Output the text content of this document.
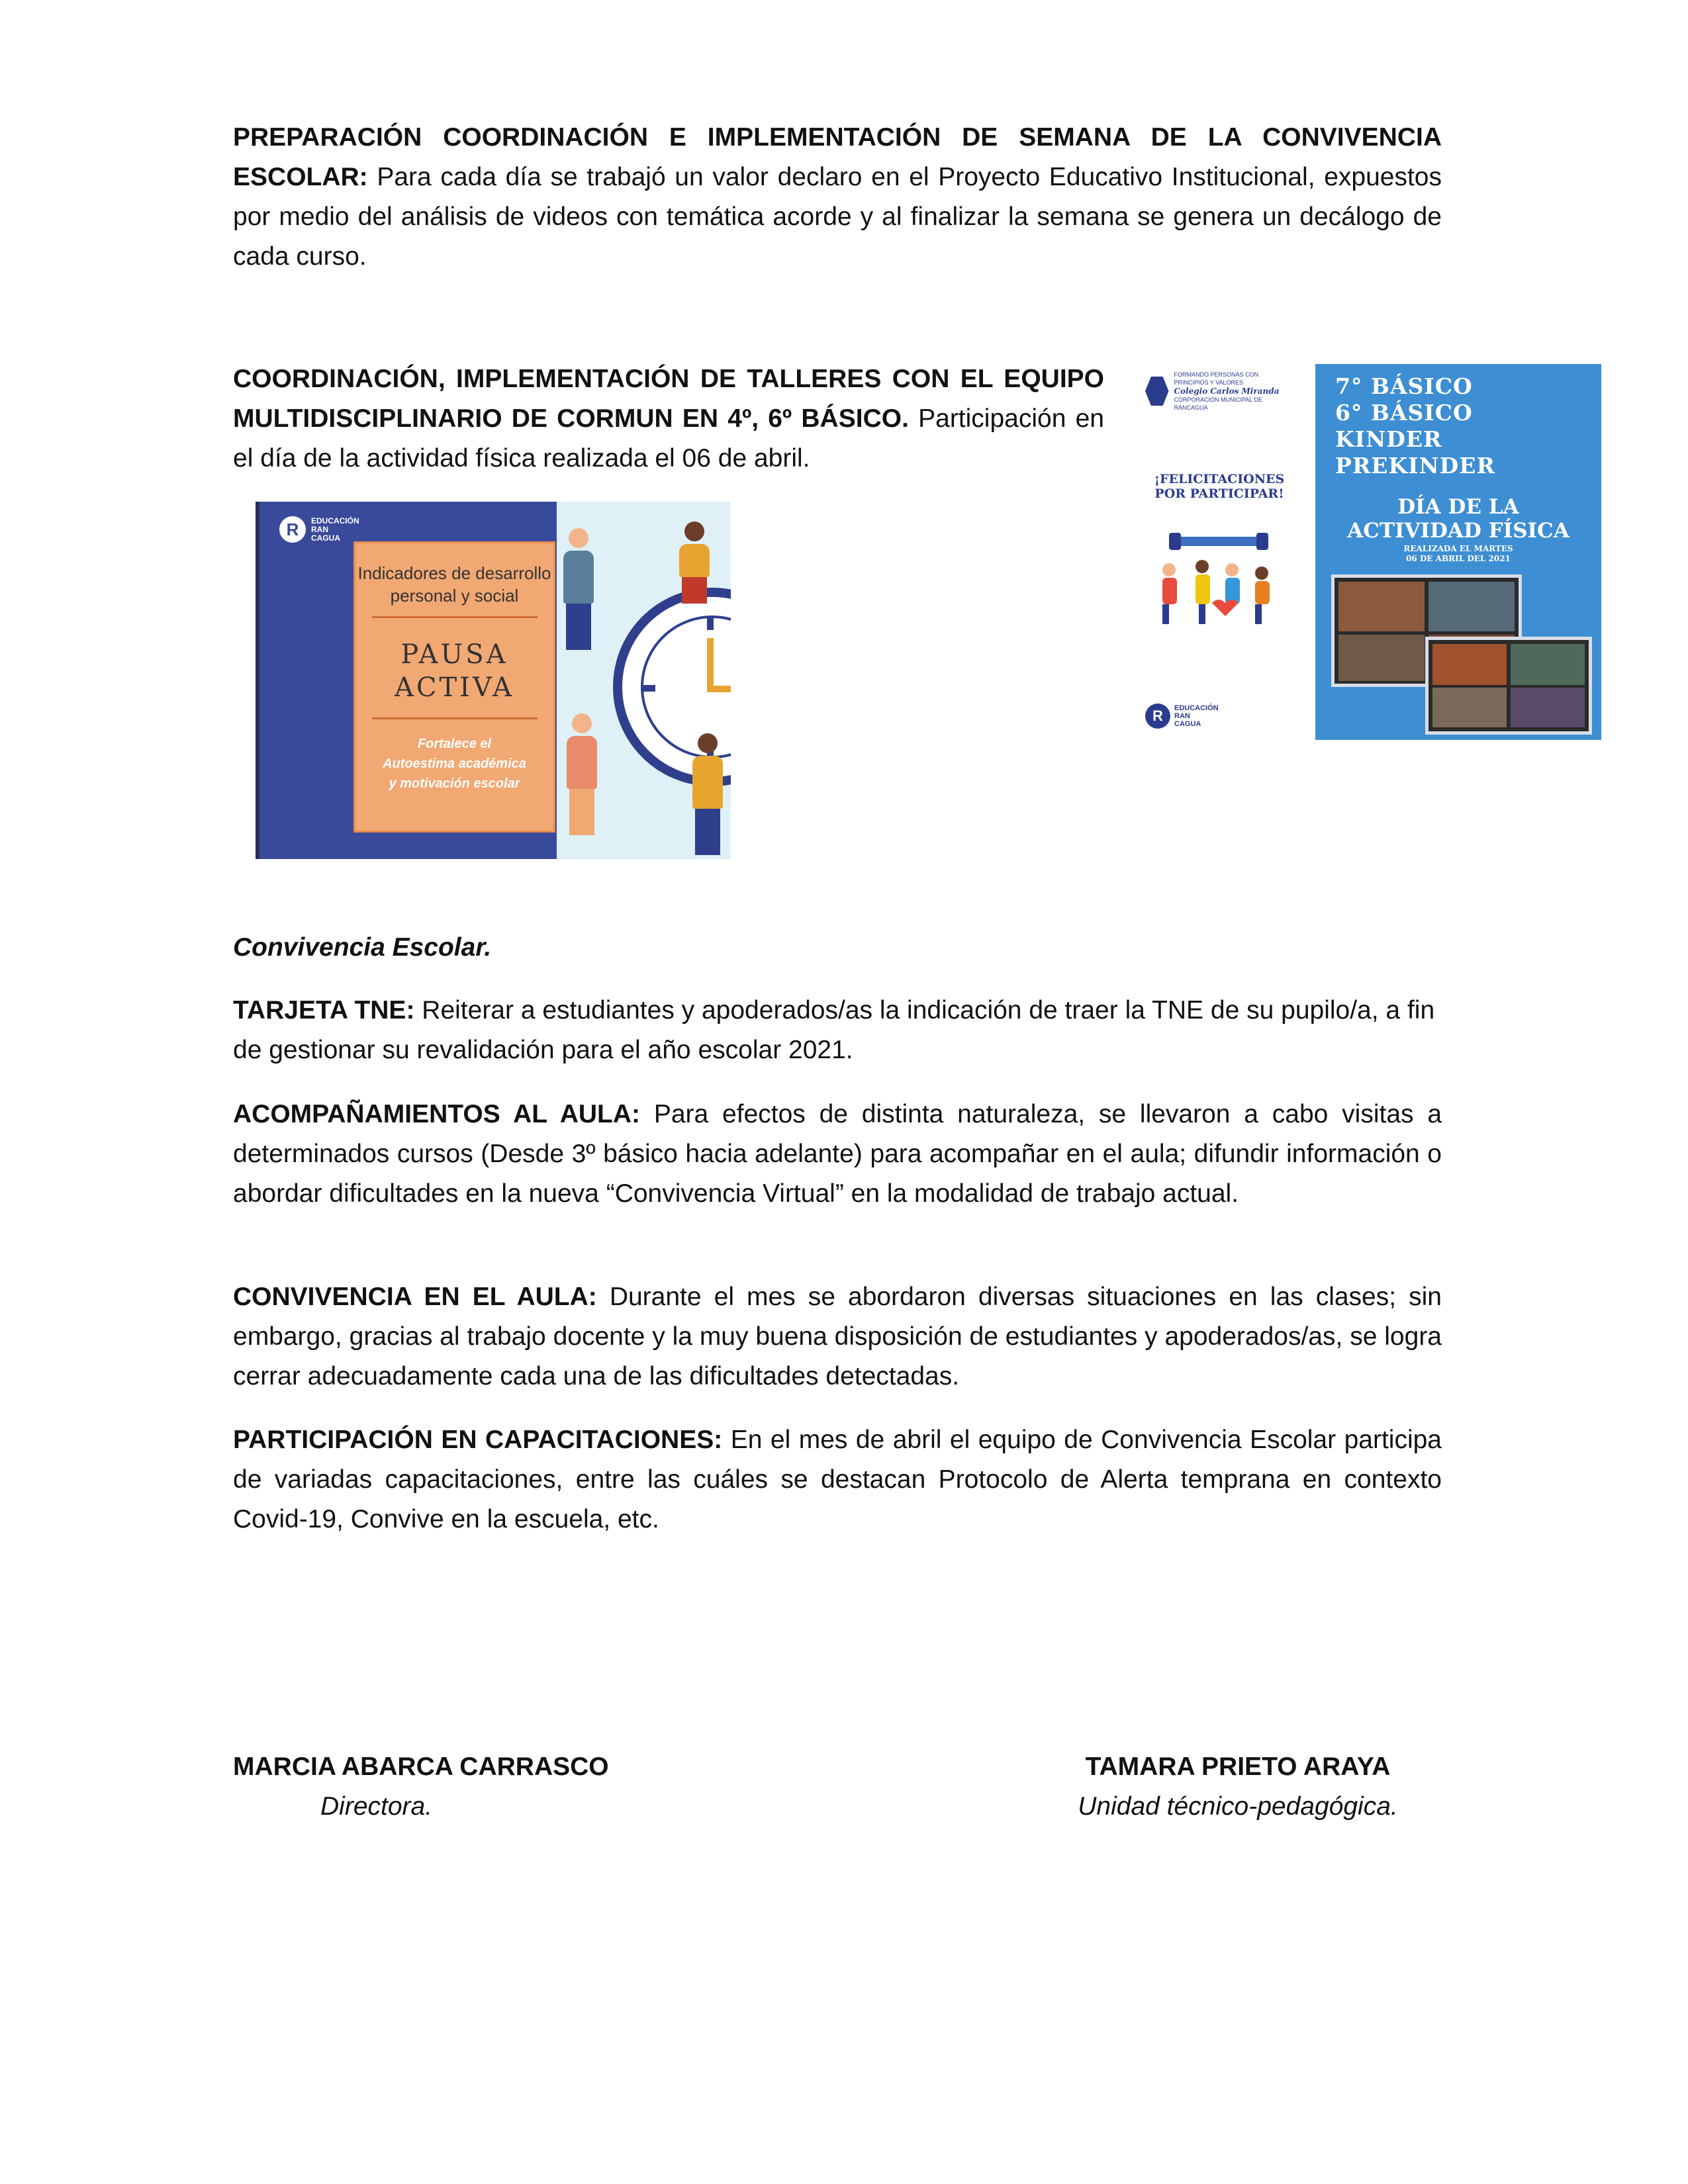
PREPARACIÓN COORDINACIÓN E IMPLEMENTACIÓN DE SEMANA DE LA CONVIVENCIA ESCOLAR: Para cada día se trabajó un valor declaro en el Proyecto Educativo Institucional, expuestos por medio del análisis de videos con temática acorde y al finalizar la semana se genera un decálogo de cada curso.

COORDINACIÓN, IMPLEMENTACIÓN DE TALLERES CON EL EQUIPO MULTIDISCIPLINARIO DE CORMUN EN 4º, 6º BÁSICO. Participación en el día de la actividad física realizada el 06 de abril.

R	EDUCACIÓN
RAN
CAGUA
Indicadores de desarrollo personal y social
PAUSA
ACTIVA
Fortalece el Autoestima académica y motivación escolar
FORMANDO PERSONAS CON PRINCIPIOS Y VALORES
Colegio Carlos Miranda
CORPORACIÓN MUNICIPAL DE RANCAGUA
¡FELICITACIONES POR PARTICIPAR!
R	EDUCACIÓN
RAN
CAGUA
7° BÁSICO
6° BÁSICO
KINDER
PREKINDER
DÍA DE LA
ACTIVIDAD FÍSICA
REALIZADA EL MARTES
06 DE ABRIL DEL 2021

Convivencia Escolar.

TARJETA TNE: Reiterar a estudiantes y apoderados/as la indicación de traer la TNE de su pupilo/a, a fin de gestionar su revalidación para el año escolar 2021.

ACOMPAÑAMIENTOS AL AULA: Para efectos de distinta naturaleza, se llevaron a cabo visitas a determinados cursos (Desde 3º básico hacia adelante) para acompañar en el aula; difundir información o abordar dificultades en la nueva “Convivencia Virtual” en la modalidad de trabajo actual.

CONVIVENCIA EN EL AULA: Durante el mes se abordaron diversas situaciones en las clases; sin embargo, gracias al trabajo docente y la muy buena disposición de estudiantes y apoderados/as, se logra cerrar adecuadamente cada una de las dificultades detectadas.

PARTICIPACIÓN EN CAPACITACIONES: En el mes de abril el equipo de Convivencia Escolar participa de variadas capacitaciones, entre las cuáles se destacan Protocolo de Alerta temprana en contexto Covid-19, Convive en la escuela, etc.

MARCIA ABARCA CARRASCO

Directora.

TAMARA PRIETO ARAYA

Unidad técnico-pedagógica.
